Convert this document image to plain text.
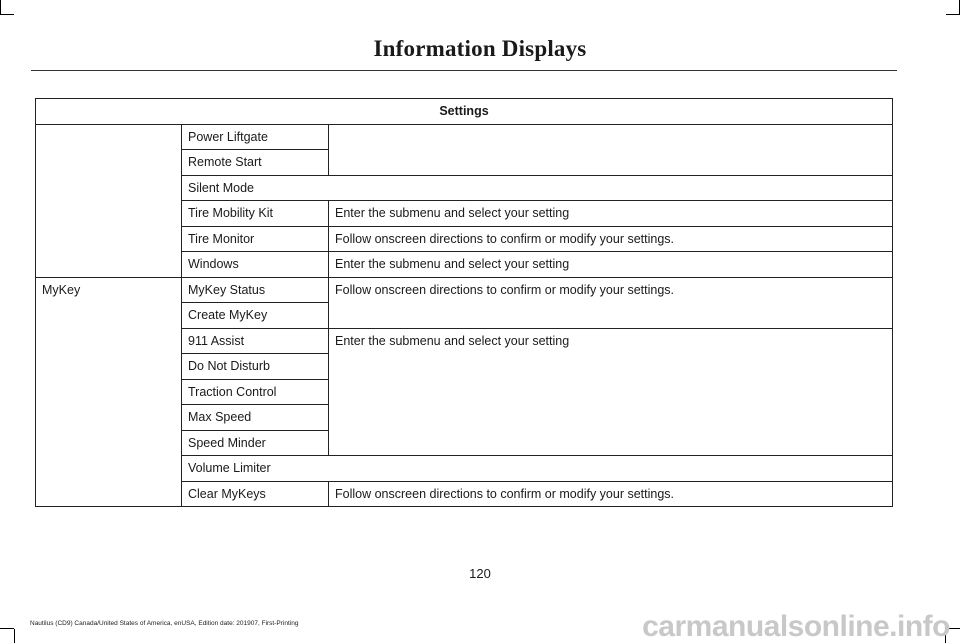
Information Displays
Settings		
	Power Liftgate	
	Remote Start	
	Silent Mode	
	Tire Mobility Kit	Enter the submenu and select your setting
	Tire Monitor	Follow onscreen directions to confirm or modify your settings.
	Windows	Enter the submenu and select your setting
MyKey	MyKey Status	Follow onscreen directions to confirm or modify your settings.
	Create MyKey	
	911 Assist	Enter the submenu and select your setting
	Do Not Disturb	
	Traction Control	
	Max Speed	
	Speed Minder	
	Volume Limiter	
	Clear MyKeys	Follow onscreen directions to confirm or modify your settings.
120
Nautilus (CD9) Canada/United States of America, enUSA, Edition date: 201907, First-Printing	carmanualsonline.info
